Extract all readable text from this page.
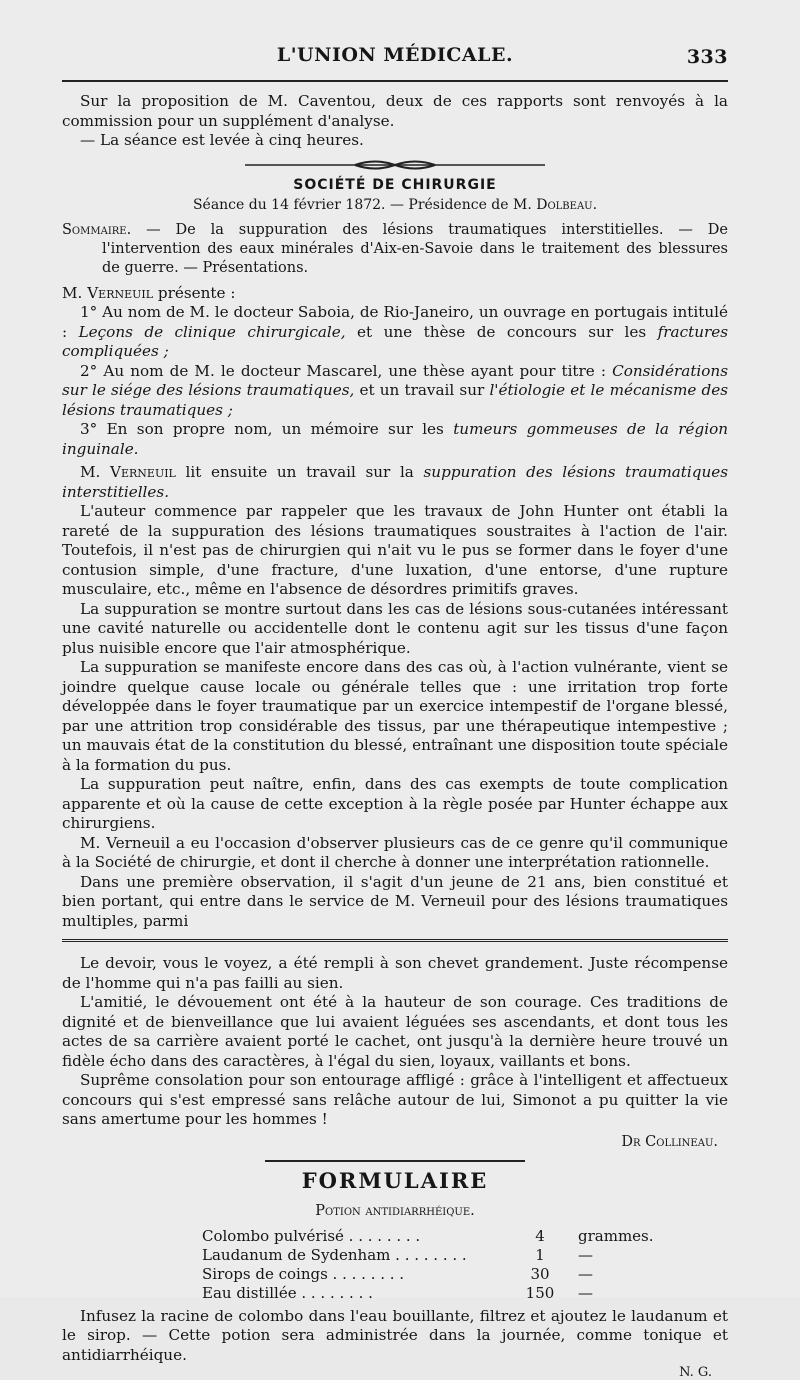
L'UNION MÉDICALE.	333

Sur la proposition de M. Caventou, deux de ces rapports sont renvoyés à la commission pour un supplément d'analyse.

— La séance est levée à cinq heures.

SOCIÉTÉ DE CHIRURGIE
Séance du 14 février 1872. — Présidence de M. Dolbeau.

Sommaire. — De la suppuration des lésions traumatiques interstitielles. — De l'intervention des eaux minérales d'Aix-en-Savoie dans le traitement des blessures de guerre. — Présentations.

M. Verneuil présente :

1° Au nom de M. le docteur Saboia, de Rio-Janeiro, un ouvrage en portugais intitulé : Leçons de clinique chirurgicale, et une thèse de concours sur les fractures compliquées ;

2° Au nom de M. le docteur Mascarel, une thèse ayant pour titre : Considérations sur le siége des lésions traumatiques, et un travail sur l'étiologie et le mécanisme des lésions traumatiques ;

3° En son propre nom, un mémoire sur les tumeurs gommeuses de la région inguinale.

M. Verneuil lit ensuite un travail sur la suppuration des lésions traumatiques interstitielles.

L'auteur commence par rappeler que les travaux de John Hunter ont établi la rareté de la suppuration des lésions traumatiques soustraites à l'action de l'air. Toutefois, il n'est pas de chirurgien qui n'ait vu le pus se former dans le foyer d'une contusion simple, d'une fracture, d'une luxation, d'une entorse, d'une rupture musculaire, etc., même en l'absence de désordres primitifs graves.

La suppuration se montre surtout dans les cas de lésions sous-cutanées intéressant une cavité naturelle ou accidentelle dont le contenu agit sur les tissus d'une façon plus nuisible encore que l'air atmosphérique.

La suppuration se manifeste encore dans des cas où, à l'action vulnérante, vient se joindre quelque cause locale ou générale telles que : une irritation trop forte développée dans le foyer traumatique par un exercice intempestif de l'organe blessé, par une attrition trop considérable des tissus, par une thérapeutique intempestive ; un mauvais état de la constitution du blessé, entraînant une disposition toute spéciale à la formation du pus.

La suppuration peut naître, enfin, dans des cas exempts de toute complication apparente et où la cause de cette exception à la règle posée par Hunter échappe aux chirurgiens.

M. Verneuil a eu l'occasion d'observer plusieurs cas de ce genre qu'il communique à la Société de chirurgie, et dont il cherche à donner une interprétation rationnelle.

Dans une première observation, il s'agit d'un jeune de 21 ans, bien constitué et bien portant, qui entre dans le service de M. Verneuil pour des lésions traumatiques multiples, parmi

Le devoir, vous le voyez, a été rempli à son chevet grandement. Juste récompense de l'homme qui n'a pas failli au sien.

L'amitié, le dévouement ont été à la hauteur de son courage. Ces traditions de dignité et de bienveillance que lui avaient léguées ses ascendants, et dont tous les actes de sa carrière avaient porté le cachet, ont jusqu'à la dernière heure trouvé un fidèle écho dans des caractères, à l'égal du sien, loyaux, vaillants et bons.

Suprême consolation pour son entourage affligé : grâce à l'intelligent et affectueux concours qui s'est empressé sans relâche autour de lui, Simonot a pu quitter la vie sans amertume pour les hommes !

Dr Collineau.
FORMULAIRE
Potion antidiarrhéique.
Colombo pulvérisé . . . . . . . .	4	grammes.
Laudanum de Sydenham . . . . . . . .	1	—
Sirops de coings . . . . . . . .	30	—
Eau distillée . . . . . . . .	150	—

Infusez la racine de colombo dans l'eau bouillante, filtrez et ajoutez le laudanum et le sirop. — Cette potion sera administrée dans la journée, comme tonique et antidiarrhéique.

N. G.
